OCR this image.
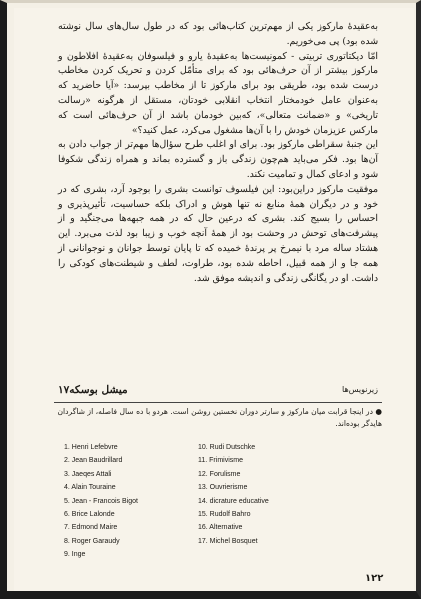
به‌عقیدهٔ مارکوز یکی از مهم‌ترین کتاب‌هائی بود که در طول سال‌های سال نوشته شده بود) پی می‌خوریم.

امّا دیکتاتوری تربیتی - کمونیست‌ها به‌عقیدهٔ یارو و فیلسوفان به‌عقیدهٔ افلاطون و مارکوز بیشتر از آن حرف‌هائی بود که برای متأمّل کردن و تحریک کردن مخاطب درست شده بود، طریقی بود برای مارکوز تا از مخاطب بپرسد: «آیا حاضرید که به‌عنوان عامل خودمختار انتخاب انقلابی خودتان، مستقل از هرگونه «رسالت تاریخی» و «ضمانت متعالی»، که‌بین خودمان باشد از آن حرف‌هائی است که مارکس عزیزمان خودش را با آن‌ها مشغول می‌کرد، عمل کنید؟»

این جنبهٔ سقراطی مارکوز بود. برای او اغلب طرح سؤال‌ها مهم‌تر از جواب دادن به آن‌ها بود. فکر می‌باید هم‌چون زندگی باز و گسترده بماند و همراه زندگی شکوفا شود و ادعای کمال و تمامیت نکند.

موفقیت مارکوز دراین‌بود: این فیلسوف توانست بشری را بوجود آرد، بشری که در خود و در دیگران همهٔ منابع نه تنها هوش و ادراک بلکه حساسیت، تأثیرپذیری و احساس را بسیج کند. بشری که درعین حال که در همه جبهه‌ها می‌جنگید و از پیشرفت‌های توحش در وحشت بود از همهٔ آنچه خوب و زیبا بود لذت می‌برد. این هشتاد ساله مرد با نیمرخ پر پرندهٔ خمیده که تا پایان توسط جوانان و نوجوانانی از همه جا و از همه قبیل، احاطه شده بود، طراوت، لطف و شیطنت‌های کودکی را داشت. او در یگانگی زندگی و اندیشه موفق شد.

زیرنویس‌ها
میشل بوسکه۱۷
● در اینجا قرابت میان مارکوز و سارتر دوران نخستین روشن است. هردو با ده سال فاصله، از شاگردان هایدگر بوده‌اند.
1. Henri Lefebvre
2. Jean Baudrillard
3. Jaeqes Attali
4. Alain Touraine
5. Jean - Francois Bigot
6. Brice Lalonde
7. Edmond Maire
8. Roger Garaudy
9. Inge
10. Rudi Dutschke
11. Frimivisme
12. Forulisme
13. Ouvrierisme
14. dicrature educative
15. Rudolf Bahro
16. Alternative
17. Michel Bosquet
۱۲۲
